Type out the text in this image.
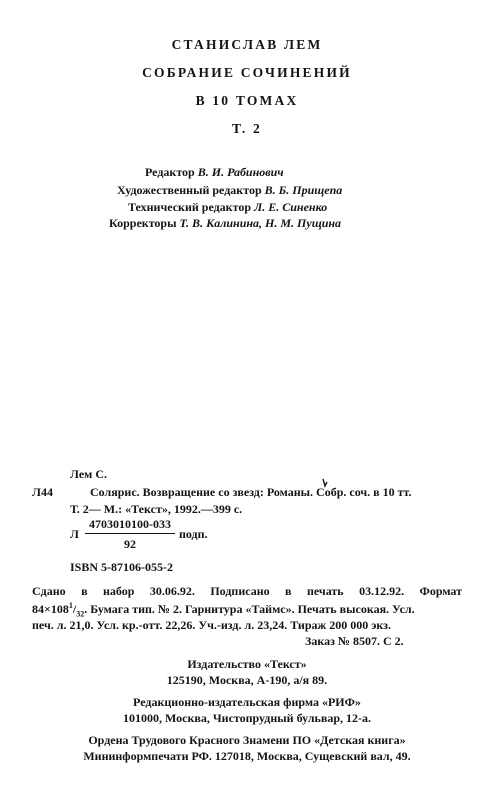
СТАНИСЛАВ ЛЕМ
СОБРАНИЕ СОЧИНЕНИЙ
В 10 ТОМАХ
Т. 2
Редактор В. И. Рабинович
Художественный редактор В. Б. Прищепа
Технический редактор Л. Е. Синенко
Корректоры Т. В. Калинина, Н. М. Пущина
Лем С.
Л44	Солярис. Возвращение со звезд: Романы. Собр. соч. в 10 тт.
Т. 2— М.: «Текст», 1992.—399 с.
Л $\frac{4703010100-033}{92}$ подп.
ISBN 5-87106-055-2
Сдано в набор 30.06.92. Подписано в печать 03.12.92. Формат
$84\times 108^1/_{32}$. Бумага тип. № 2. Гарнитура «Таймс». Печать высокая. Усл.
печ. л. 21,0. Усл. кр.-отт. 22,26. Уч.-изд. л. 23,24. Тираж 200 000 экз.
Заказ № 8507. С 2.
Издательство «Текст»
125190, Москва, А-190, а/я 89.
Редакционно-издательская фирма «РИФ»
101000, Москва, Чистопрудный бульвар, 12-а.
Ордена Трудового Красного Знамени ПО «Детская книга»
Мининформпечати РФ. 127018, Москва, Сущевский вал, 49.
